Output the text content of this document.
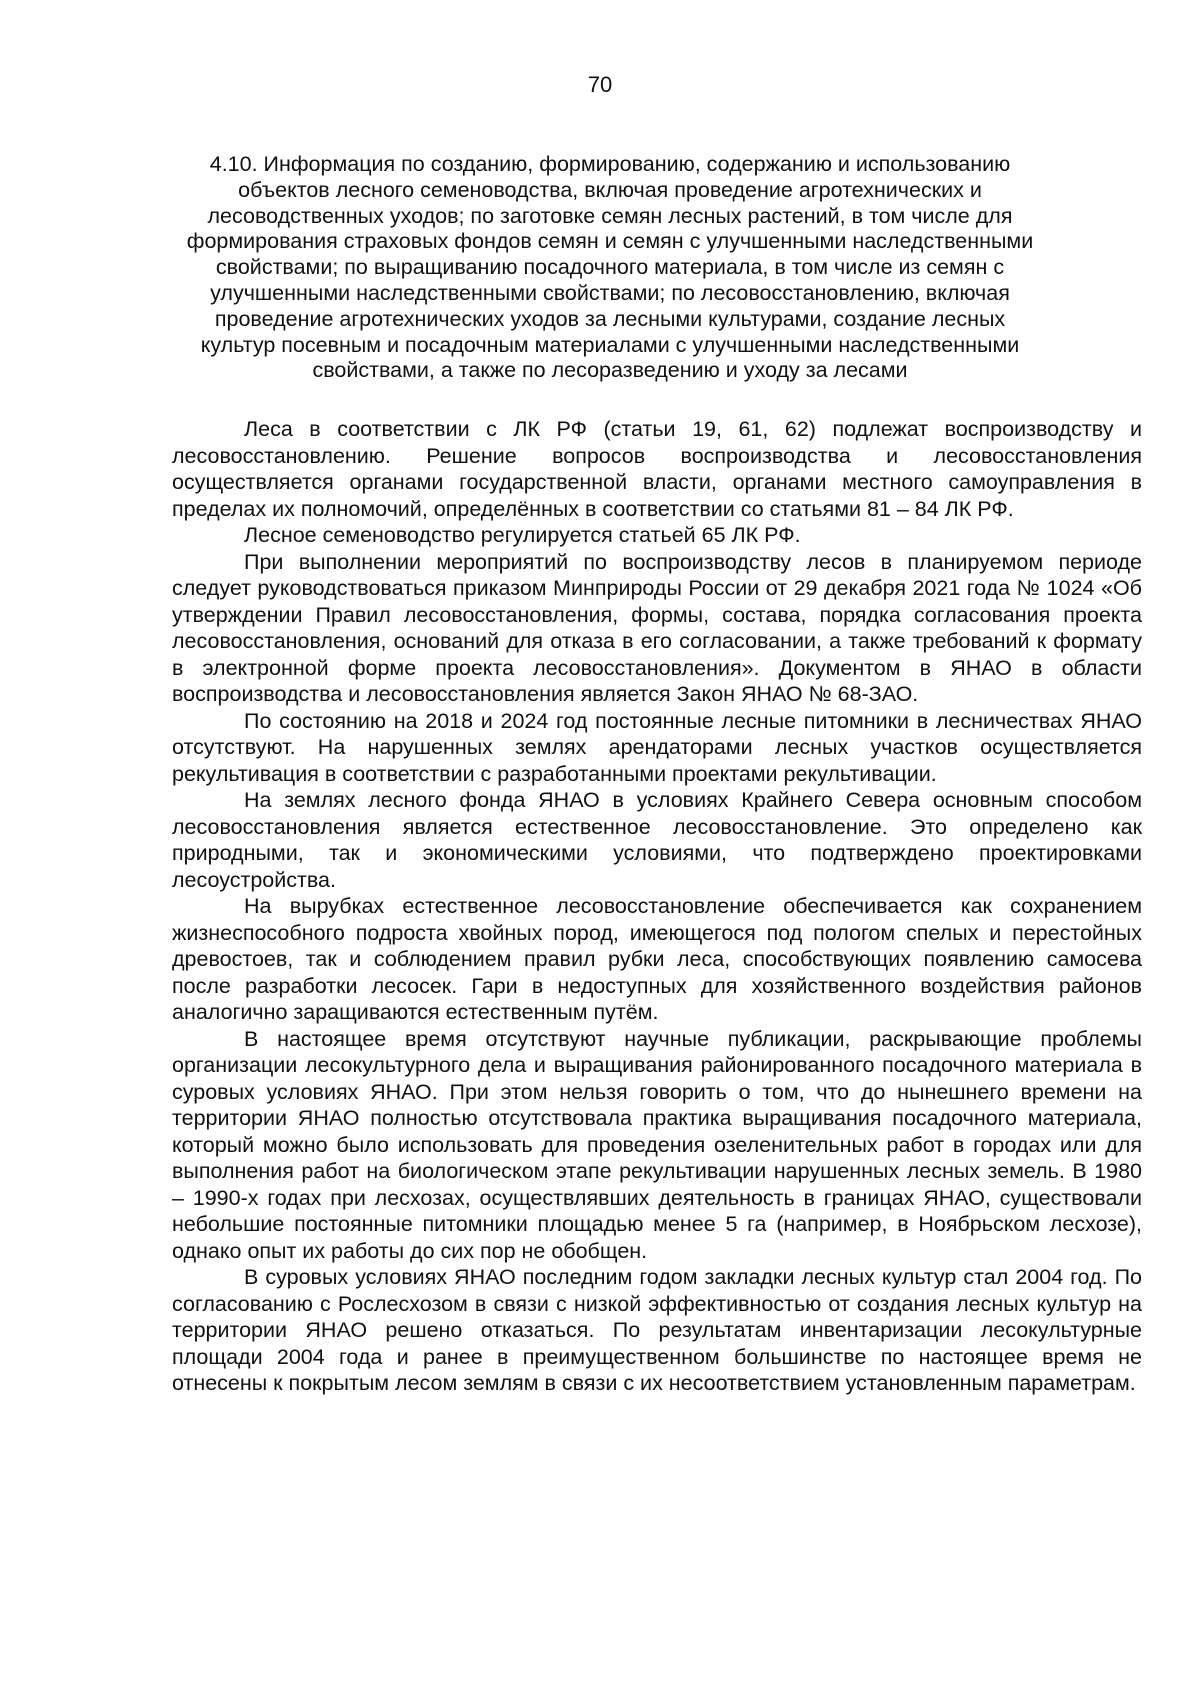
70
4.10. Информация по созданию, формированию, содержанию и использованию объектов лесного семеноводства, включая проведение агротехнических и лесоводственных уходов; по заготовке семян лесных растений, в том числе для формирования страховых фондов семян и семян с улучшенными наследственными свойствами; по выращиванию посадочного материала, в том числе из семян с улучшенными наследственными свойствами; по лесовосстановлению, включая проведение агротехнических уходов за лесными культурами, создание лесных культур посевным и посадочным материалами с улучшенными наследственными свойствами, а также по лесоразведению и уходу за лесами

Леса в соответствии с ЛК РФ (статьи 19, 61, 62) подлежат воспроизводству и лесовосстановлению. Решение вопросов воспроизводства и лесовосстановления осуществляется органами государственной власти, органами местного самоуправления в пределах их полномочий, определённых в соответствии со статьями 81 – 84 ЛК РФ.

Лесное семеноводство регулируется статьей 65 ЛК РФ.

При выполнении мероприятий по воспроизводству лесов в планируемом периоде следует руководствоваться приказом Минприроды России от 29 декабря 2021 года № 1024 «Об утверждении Правил лесовосстановления, формы, состава, порядка согласования проекта лесовосстановления, оснований для отказа в его согласовании, а также требований к формату в электронной форме проекта лесовосстановления». Документом в ЯНАО в области воспроизводства и лесовосстановления является Закон ЯНАО № 68-ЗАО.

По состоянию на 2018 и 2024 год постоянные лесные питомники в лесничествах ЯНАО отсутствуют. На нарушенных землях арендаторами лесных участков осуществляется рекультивация в соответствии с разработанными проектами рекультивации.

На землях лесного фонда ЯНАО в условиях Крайнего Севера основным способом лесовосстановления является естественное лесовосстановление. Это определено как природными, так и экономическими условиями, что подтверждено проектировками лесоустройства.

На вырубках естественное лесовосстановление обеспечивается как сохранением жизнеспособного подроста хвойных пород, имеющегося под пологом спелых и перестойных древостоев, так и соблюдением правил рубки леса, способствующих появлению самосева после разработки лесосек. Гари в недоступных для хозяйственного воздействия районов аналогично заращиваются естественным путём.

В настоящее время отсутствуют научные публикации, раскрывающие проблемы организации лесокультурного дела и выращивания районированного посадочного материала в суровых условиях ЯНАО. При этом нельзя говорить о том, что до нынешнего времени на территории ЯНАО полностью отсутствовала практика выращивания посадочного материала, который можно было использовать для проведения озеленительных работ в городах или для выполнения работ на биологическом этапе рекультивации нарушенных лесных земель. В 1980 – 1990-х годах при лесхозах, осуществлявших деятельность в границах ЯНАО, существовали небольшие постоянные питомники площадью менее 5 га (например, в Ноябрьском лесхозе), однако опыт их работы до сих пор не обобщен.

В суровых условиях ЯНАО последним годом закладки лесных культур стал 2004 год. По согласованию с Рослесхозом в связи с низкой эффективностью от создания лесных культур на территории ЯНАО решено отказаться. По результатам инвентаризации лесокультурные площади 2004 года и ранее в преимущественном большинстве по настоящее время не отнесены к покрытым лесом землям в связи с их несоответствием установленным параметрам.
